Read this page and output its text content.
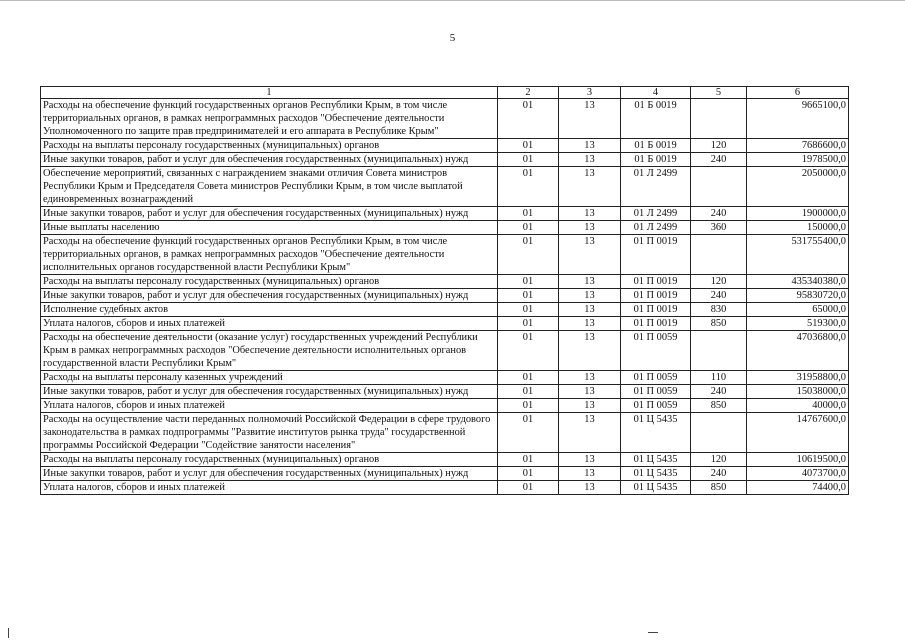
5
1	2	3	4	5	6
Расходы на обеспечение функций государственных органов Республики Крым, в том числе территориальных органов, в рамках непрограммных расходов "Обеспечение деятельности Уполномоченного по защите прав предпринимателей и его аппарата в Республике Крым"	01	13	01 Б 0019		9665100,0
Расходы на выплаты персоналу государственных (муниципальных) органов	01	13	01 Б 0019	120	7686600,0
Иные закупки товаров, работ и услуг для обеспечения государственных (муниципальных) нужд	01	13	01 Б 0019	240	1978500,0
Обеспечение мероприятий, связанных с награждением знаками отличия Совета министров Республики Крым и Председателя Совета министров Республики Крым, в том числе выплатой единовременных вознаграждений	01	13	01 Л 2499		2050000,0
Иные закупки товаров, работ и услуг для обеспечения государственных (муниципальных) нужд	01	13	01 Л 2499	240	1900000,0
Иные выплаты населению	01	13	01 Л 2499	360	150000,0
Расходы на обеспечение функций государственных органов Республики Крым, в том числе территориальных органов, в рамках непрограммных расходов "Обеспечение деятельности исполнительных органов государственной власти Республики Крым"	01	13	01 П 0019		531755400,0
Расходы на выплаты персоналу государственных (муниципальных) органов	01	13	01 П 0019	120	435340380,0
Иные закупки товаров, работ и услуг для обеспечения государственных (муниципальных) нужд	01	13	01 П 0019	240	95830720,0
Исполнение судебных актов	01	13	01 П 0019	830	65000,0
Уплата налогов, сборов и иных платежей	01	13	01 П 0019	850	519300,0
Расходы на обеспечение деятельности (оказание услуг) государственных учреждений Республики Крым в рамках непрограммных расходов "Обеспечение деятельности исполнительных органов государственной власти Республики Крым"	01	13	01 П 0059		47036800,0
Расходы на выплаты персоналу казенных учреждений	01	13	01 П 0059	110	31958800,0
Иные закупки товаров, работ и услуг для обеспечения государственных (муниципальных) нужд	01	13	01 П 0059	240	15038000,0
Уплата налогов, сборов и иных платежей	01	13	01 П 0059	850	40000,0
Расходы на осуществление части переданных полномочий Российской Федерации в сфере трудового законодательства в рамках подпрограммы "Развитие институтов рынка труда" государственной программы Российской Федерации "Содействие занятости населения"	01	13	01 Ц 5435		14767600,0
Расходы на выплаты персоналу государственных (муниципальных) органов	01	13	01 Ц 5435	120	10619500,0
Иные закупки товаров, работ и услуг для обеспечения государственных (муниципальных) нужд	01	13	01 Ц 5435	240	4073700,0
Уплата налогов, сборов и иных платежей	01	13	01 Ц 5435	850	74400,0
